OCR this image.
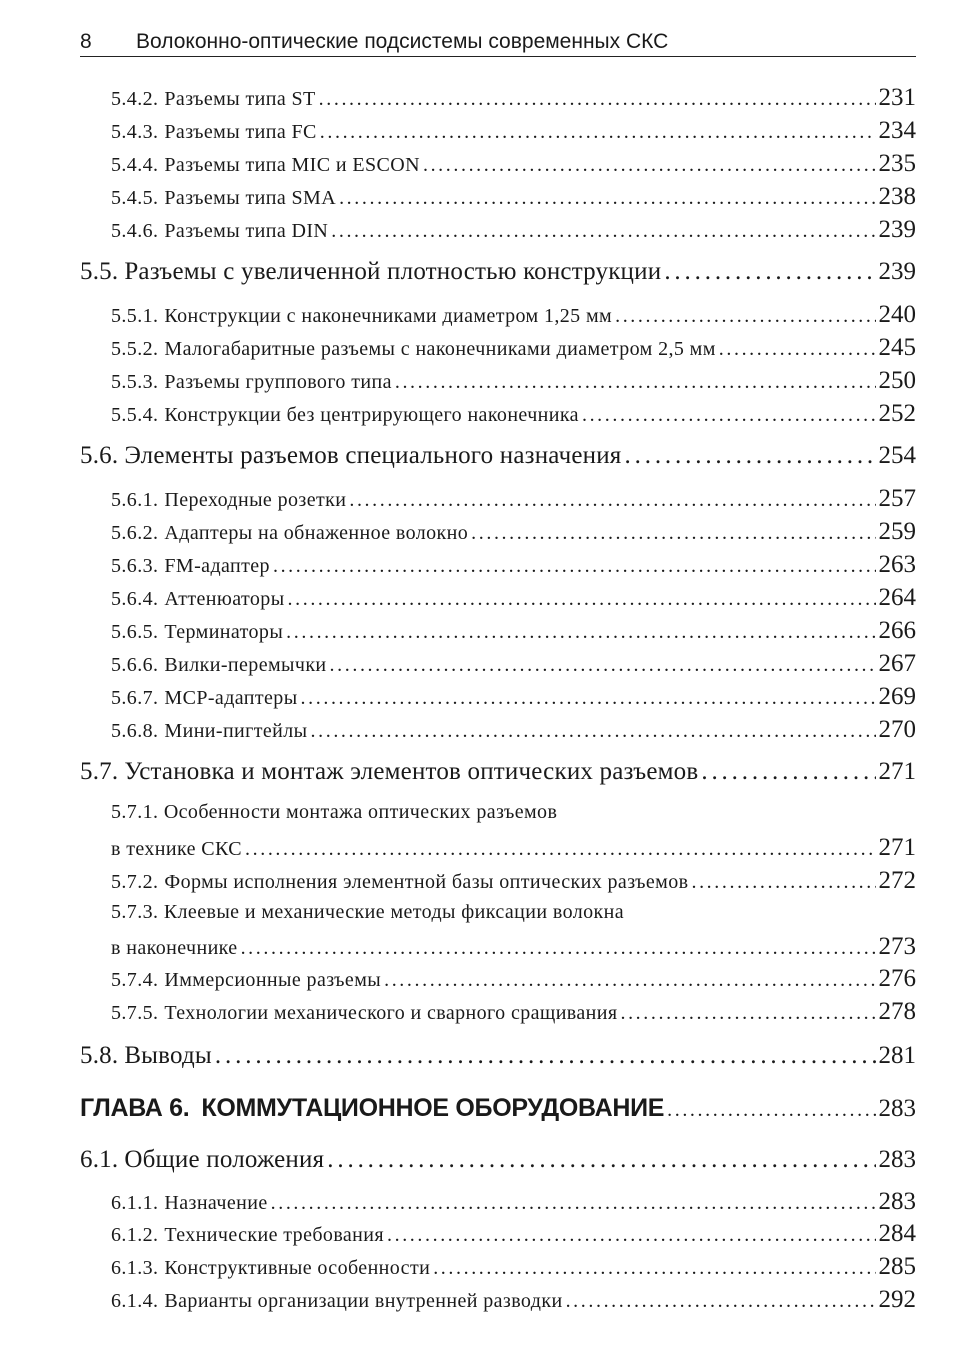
8 Волоконно-оптические подсистемы современных СКС
5.4.2. Разъемы типа ST . . .	231
5.4.3. Разъемы типа FC . . .	234
5.4.4. Разъемы типа MIC и ESCON . . .	235
5.4.5. Разъемы типа SMA . . .	238
5.4.6. Разъемы типа DIN . . .	239
5.5. Разъемы с увеличенной плотностью конструкции . . .	239
5.5.1. Конструкции с наконечниками диаметром 1,25 мм . . .	240
5.5.2. Малогабаритные разъемы с наконечниками диаметром 2,5 мм . . .	245
5.5.3. Разъемы группового типа . . .	250
5.5.4. Конструкции без центрирующего наконечника . . .	252
5.6. Элементы разъемов специального назначения . . .	254
5.6.1. Переходные розетки . . .	257
5.6.2. Адаптеры на обнаженное волокно . . .	259
5.6.3. FM-адаптер . . .	263
5.6.4. Аттенюаторы . . .	264
5.6.5. Терминаторы . . .	266
5.6.6. Вилки-перемычки . . .	267
5.6.7. MCP-адаптеры . . .	269
5.6.8. Мини-пигтейлы . . .	270
5.7. Установка и монтаж элементов оптических разъемов . . .	271
5.7.1. Особенности монтажа оптических разъемов
в технике СКС . . .	271
5.7.2. Формы исполнения элементной базы оптических разъемов . . .	272
5.7.3. Клеевые и механические методы фиксации волокна
в наконечнике . . .	273
5.7.4. Иммерсионные разъемы . . .	276
5.7.5. Технологии механического и сварного сращивания . . .	278
5.8. Выводы . . .	281
ГЛАВА 6. КОММУТАЦИОННОЕ ОБОРУДОВАНИЕ . . .	283
6.1. Общие положения . . .	283
6.1.1. Назначение . . .	283
6.1.2. Технические требования . . .	284
6.1.3. Конструктивные особенности . . .	285
6.1.4. Варианты организации внутренней разводки . . .	292
